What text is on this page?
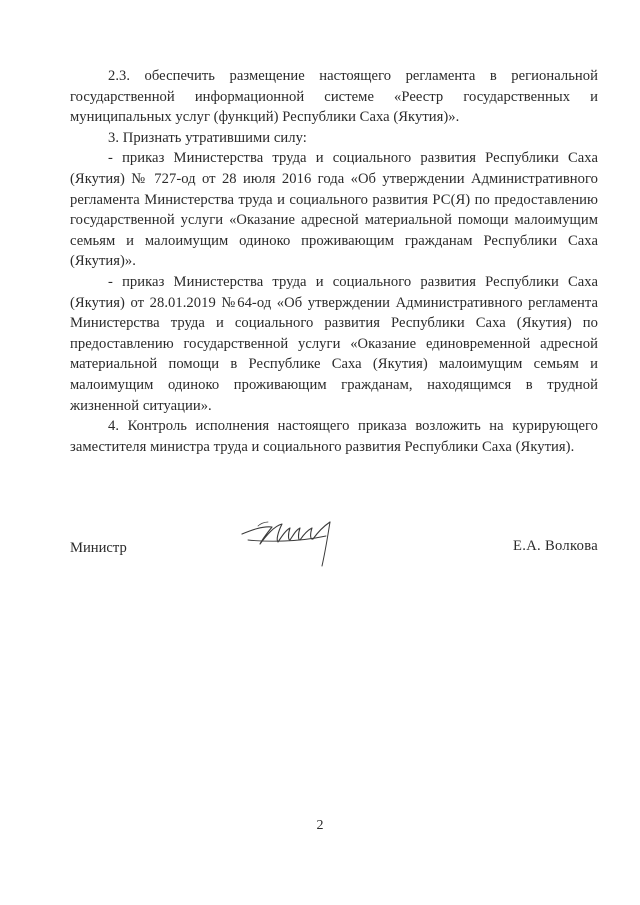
2.3. обеспечить размещение настоящего регламента в региональной государственной информационной системе «Реестр государственных и муниципальных услуг (функций) Республики Саха (Якутия)».

3. Признать утратившими силу:

- приказ Министерства труда и социального развития Республики Саха (Якутия) № 727-од от 28 июля 2016 года «Об утверждении Административного регламента Министерства труда и социального развития РС(Я) по предоставлению государственной услуги «Оказание адресной материальной помощи малоимущим семьям и малоимущим одиноко проживающим гражданам Республики Саха (Якутия)».

- приказ Министерства труда и социального развития Республики Саха (Якутия) от 28.01.2019 №64-од «Об утверждении Административного регламента Министерства труда и социального развития Республики Саха (Якутия) по предоставлению государственной услуги «Оказание единовременной адресной материальной помощи в Республике Саха (Якутия) малоимущим семьям и малоимущим одиноко проживающим гражданам, находящимся в трудной жизненной ситуации».

4. Контроль исполнения настоящего приказа возложить на курирующего заместителя министра труда и социального развития Республики Саха (Якутия).

Министр	Е.А. Волкова
2
